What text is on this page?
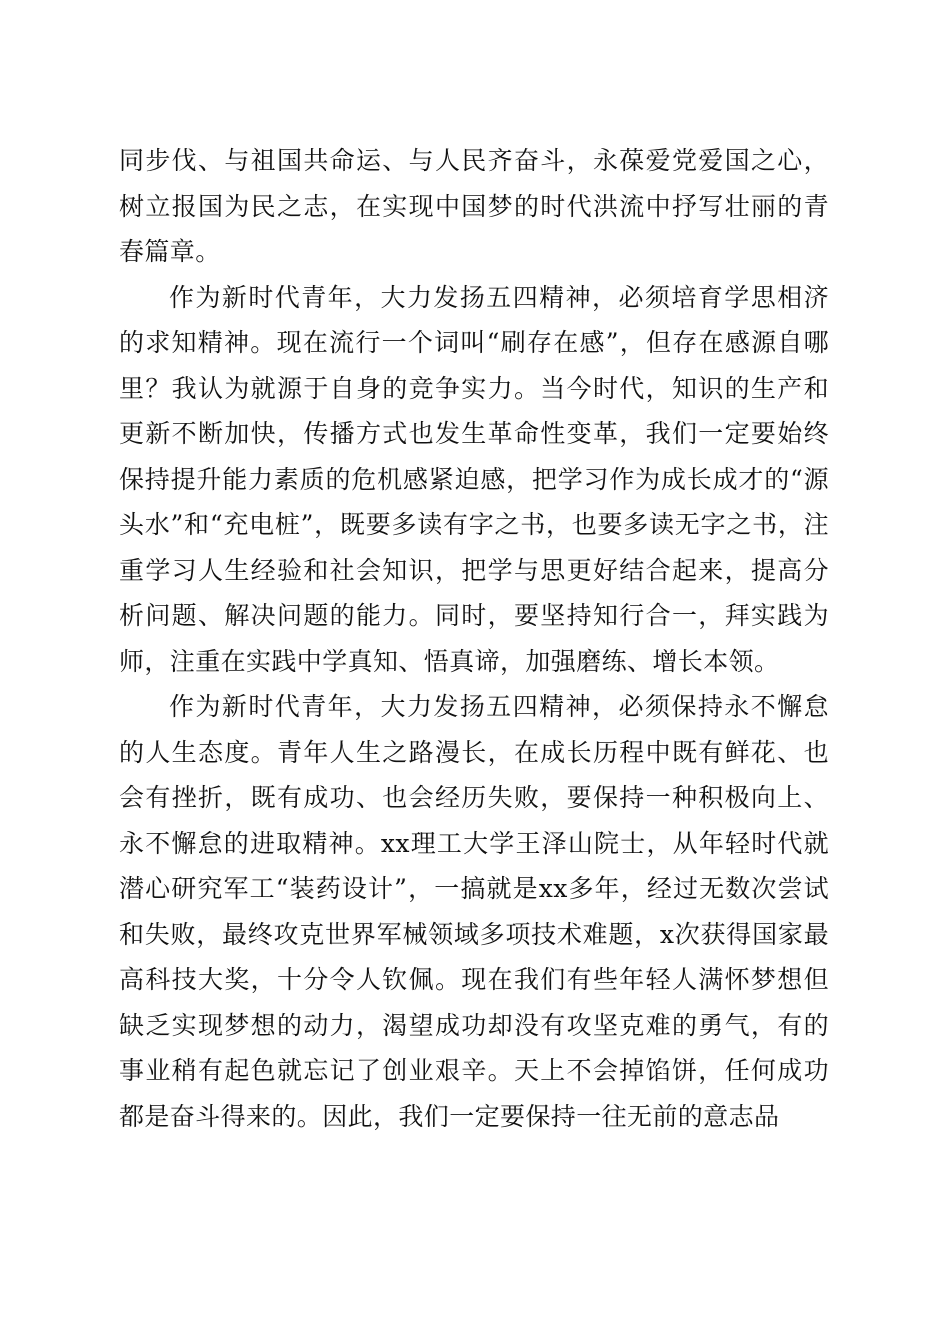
同步伐、与祖国共命运、与人民齐奋斗，永葆爱党爱国之心，树立报国为民之志，在实现中国梦的时代洪流中抒写壮丽的青春篇章。

作为新时代青年，大力发扬五四精神，必须培育学思相济的求知精神。现在流行一个词叫“刷存在感”，但存在感源自哪里？我认为就源于自身的竞争实力。当今时代，知识的生产和更新不断加快，传播方式也发生革命性变革，我们一定要始终保持提升能力素质的危机感紧迫感，把学习作为成长成才的“源头水”和“充电桩”，既要多读有字之书，也要多读无字之书，注重学习人生经验和社会知识，把学与思更好结合起来，提高分析问题、解决问题的能力。同时，要坚持知行合一，拜实践为师，注重在实践中学真知、悟真谛，加强磨练、增长本领。

作为新时代青年，大力发扬五四精神，必须保持永不懈怠的人生态度。青年人生之路漫长，在成长历程中既有鲜花、也会有挫折，既有成功、也会经历失败，要保持一种积极向上、永不懈怠的进取精神。xx理工大学王泽山院士，从年轻时代就潜心研究军工“装药设计”，一搞就是xx多年，经过无数次尝试和失败，最终攻克世界军械领域多项技术难题，x次获得国家最高科技大奖，十分令人钦佩。现在我们有些年轻人满怀梦想但缺乏实现梦想的动力，渴望成功却没有攻坚克难的勇气，有的事业稍有起色就忘记了创业艰辛。天上不会掉馅饼，任何成功都是奋斗得来的。因此，我们一定要保持一往无前的意志品
